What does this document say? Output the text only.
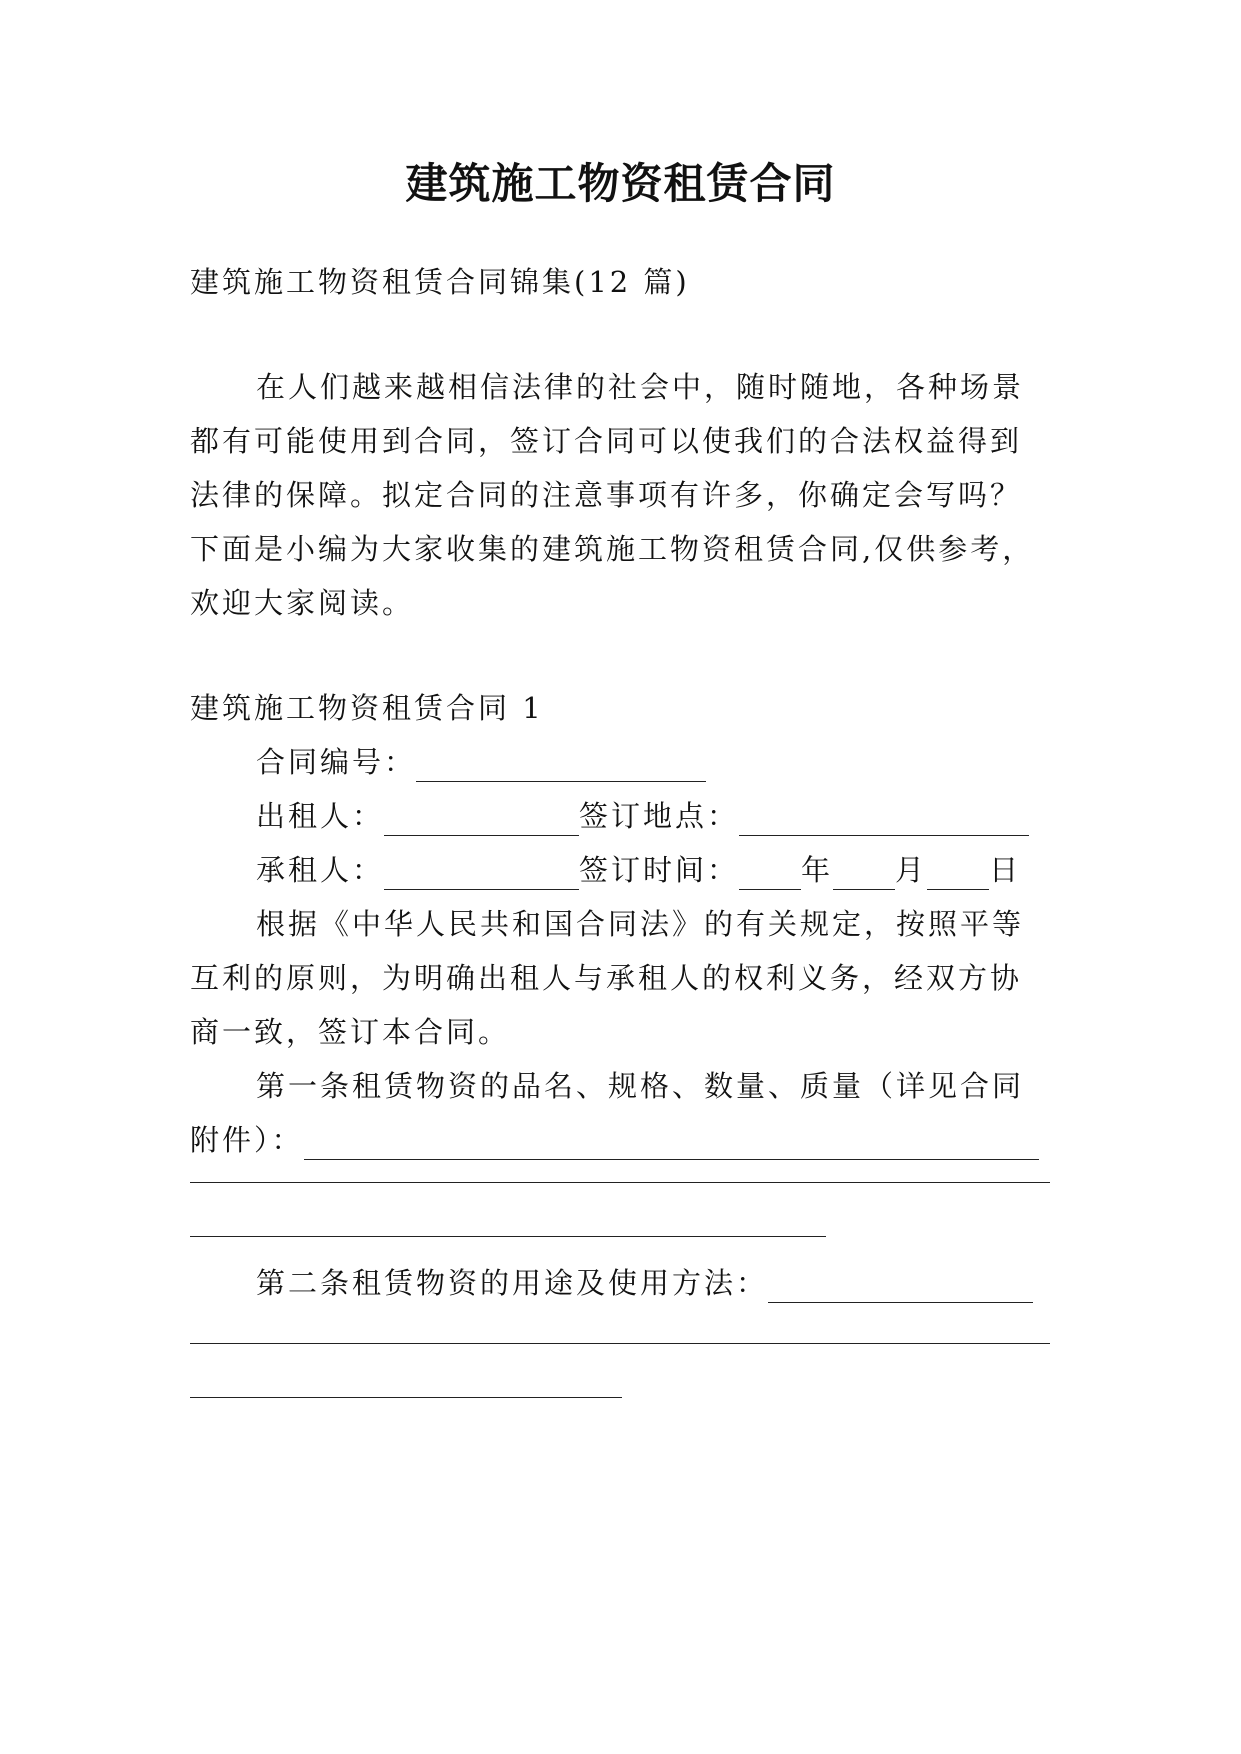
建筑施工物资租赁合同
建筑施工物资租赁合同锦集(12 篇)
在人们越来越相信法律的社会中，随时随地，各种场景
都有可能使用到合同，签订合同可以使我们的合法权益得到
法律的保障。拟定合同的注意事项有许多，你确定会写吗？
下面是小编为大家收集的建筑施工物资租赁合同,仅供参考，
欢迎大家阅读。
建筑施工物资租赁合同 1
合同编号：
出租人：	签订地点：
承租人：	签订时间： 年 月 日
根据《中华人民共和国合同法》的有关规定，按照平等
互利的原则，为明确出租人与承租人的权利义务，经双方协
商一致，签订本合同。
第一条租赁物资的品名、规格、数量、质量（详见合同
附件）：
第二条租赁物资的用途及使用方法：
